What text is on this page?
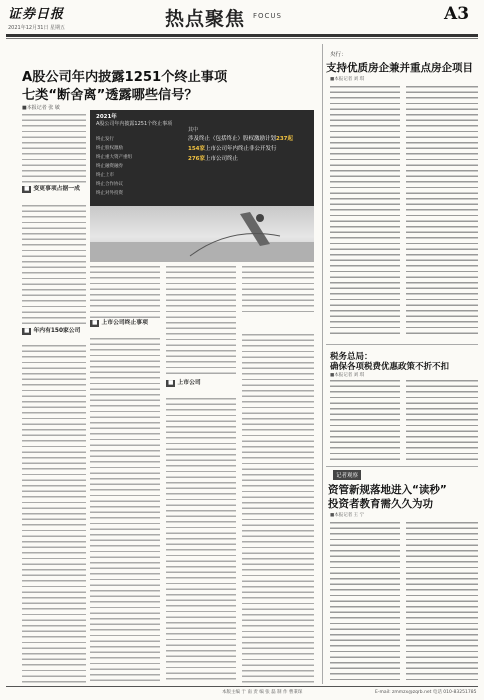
证券日报
2021年12月31日 星期五	热点聚焦 FOCUS	A3
A股公司年内披露1251个终止事项
七类“断舍离”透露哪些信号？
■本报记者 张 敏
■ 变更事项占据一成
■ 年内有150家公司
2021年
A股公司年内披露1251个终止事项
终止发行
终止股权激励
终止重大资产重组
终止融资融券
终止上市
终止合作协议
终止对外投资
其中
涉及终止（包括终止）股权激励计划237起
154家上市公司年内终止非公开发行
276家上市公司终止
■ 上市公司终止事项
■ 上市公司
央行：
支持优质房企兼并重点房企项目
■本报记者 刘 琪
税务总局：
确保各项税费优惠政策不折不扣
■本报记者 刘 琪
记者观察
资管新规落地进入“读秒”
投资者教育需久久为功
■本报记者 王 宁
本版主编 于 南 责 编 张 磊 制 作 曹秉琛	E-mail: zmmzx@zqrb.net 电话 010-83251785
